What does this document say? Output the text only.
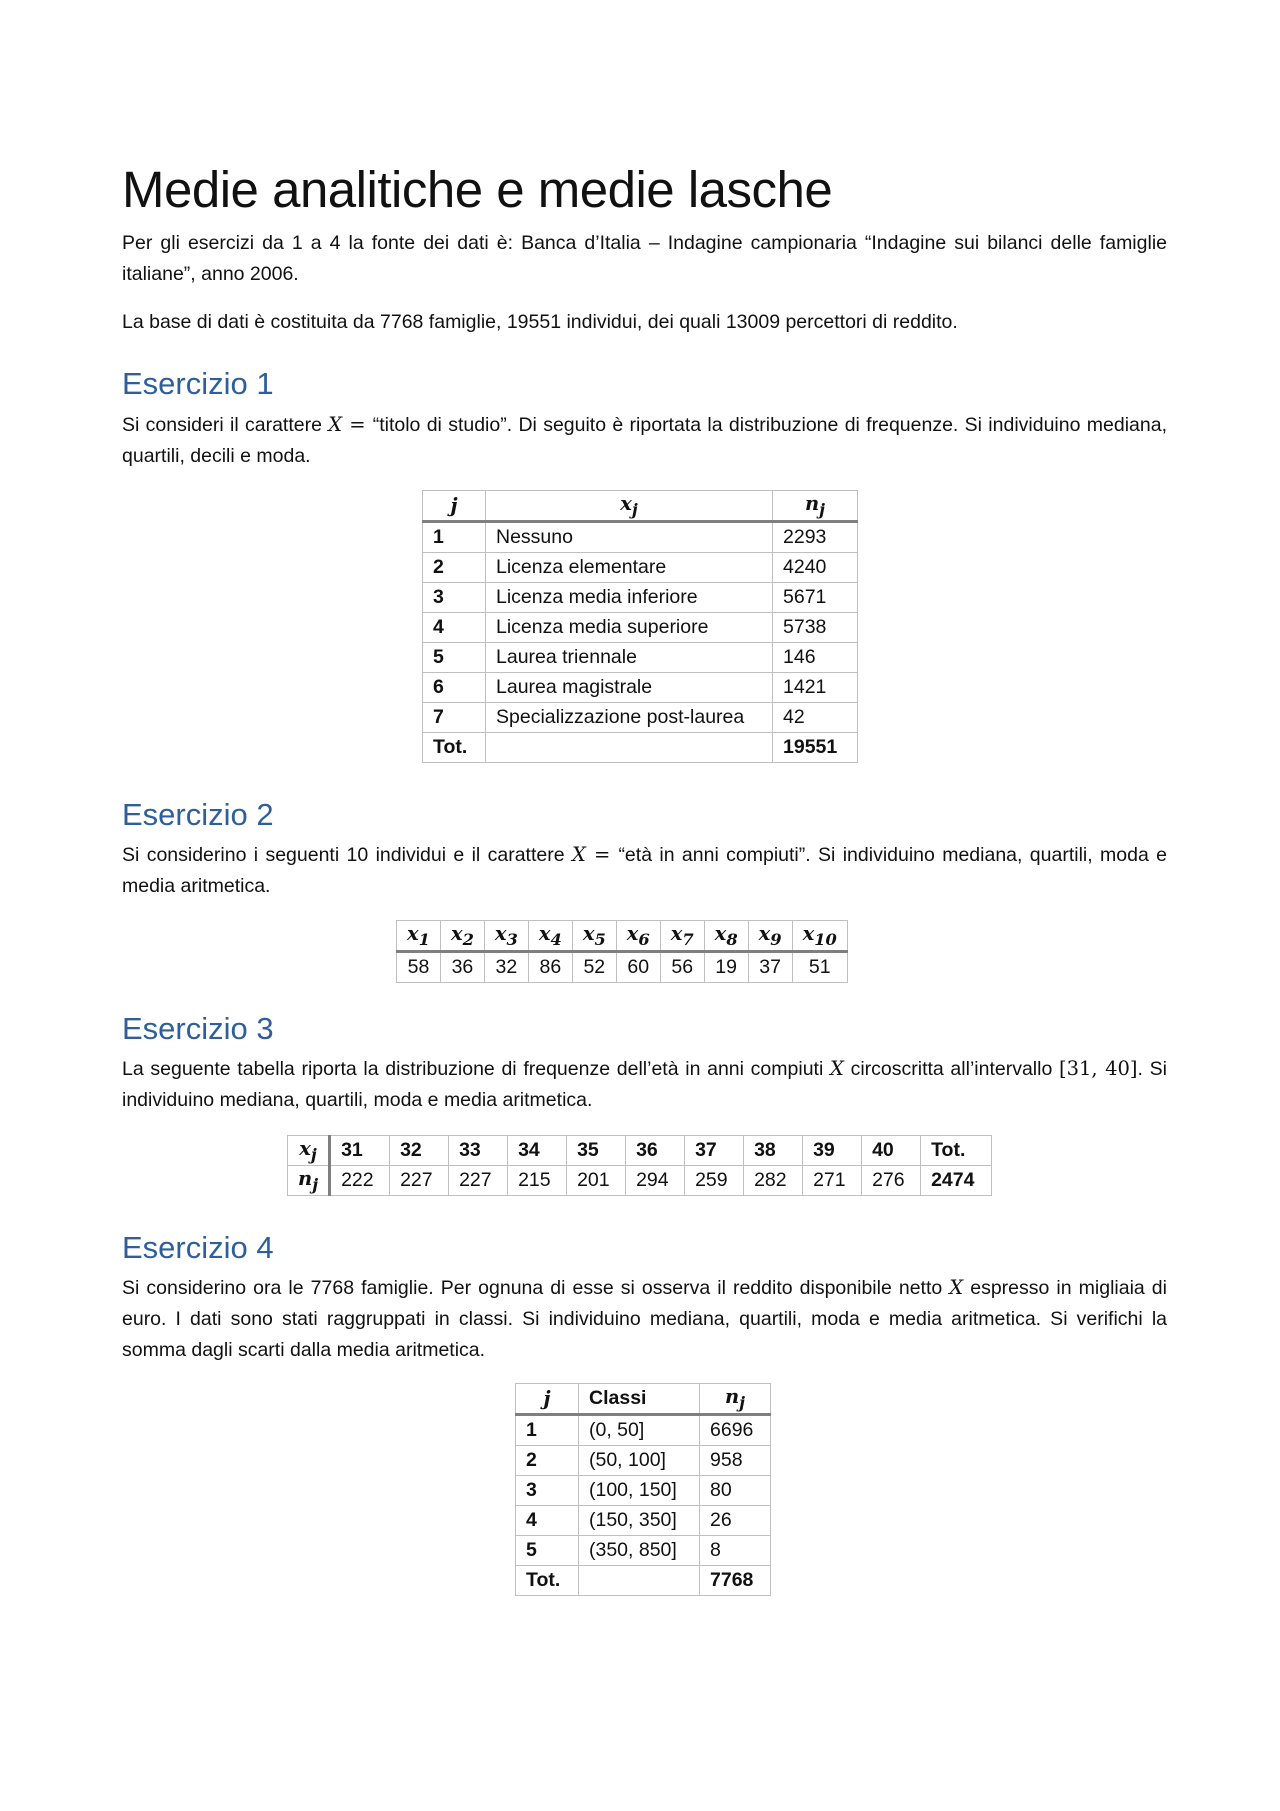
Medie analitiche e medie lasche

Per gli esercizi da 1 a 4 la fonte dei dati è: Banca d’Italia – Indagine campionaria “Indagine sui bilanci delle famiglie italiane”, anno 2006.

La base di dati è costituita da 7768 famiglie, 19551 individui, dei quali 13009 percettori di reddito.

Esercizio 1

Si consideri il carattere X = “titolo di studio”. Di seguito è riportata la distribuzione di frequenze. Si individuino mediana, quartili, decili e moda.

j	$x_j$	$n_j$
1	Nessuno	2293
2	Licenza elementare	4240
3	Licenza media inferiore	5671
4	Licenza media superiore	5738
5	Laurea triennale	146
6	Laurea magistrale	1421
7	Specializzazione post-laurea	42
Tot.		19551
Esercizio 2

Si considerino i seguenti 10 individui e il carattere X = “età in anni compiuti”. Si individuino mediana, quartili, moda e media aritmetica.

$x_1$	$x_2$	$x_3$	$x_4$	$x_5$	$x_6$	$x_7$	$x_8$	$x_9$	$x_{10}$
58	36	32	86	52	60	56	19	37	51
Esercizio 3

La seguente tabella riporta la distribuzione di frequenze dell’età in anni compiuti X circoscritta all’intervallo [31, 40]. Si individuino mediana, quartili, moda e media aritmetica.

$x_j$	31	32	33	34	35	36	37	38	39	40	Tot.
$n_j$	222	227	227	215	201	294	259	282	271	276	2474
Esercizio 4

Si considerino ora le 7768 famiglie. Per ognuna di esse si osserva il reddito disponibile netto X espresso in migliaia di euro. I dati sono stati raggruppati in classi. Si individuino mediana, quartili, moda e media aritmetica. Si verifichi la somma dagli scarti dalla media aritmetica.

j	Classi	$n_j$
1	(0, 50]	6696
2	(50, 100]	958
3	(100, 150]	80
4	(150, 350]	26
5	(350, 850]	8
Tot.		7768
